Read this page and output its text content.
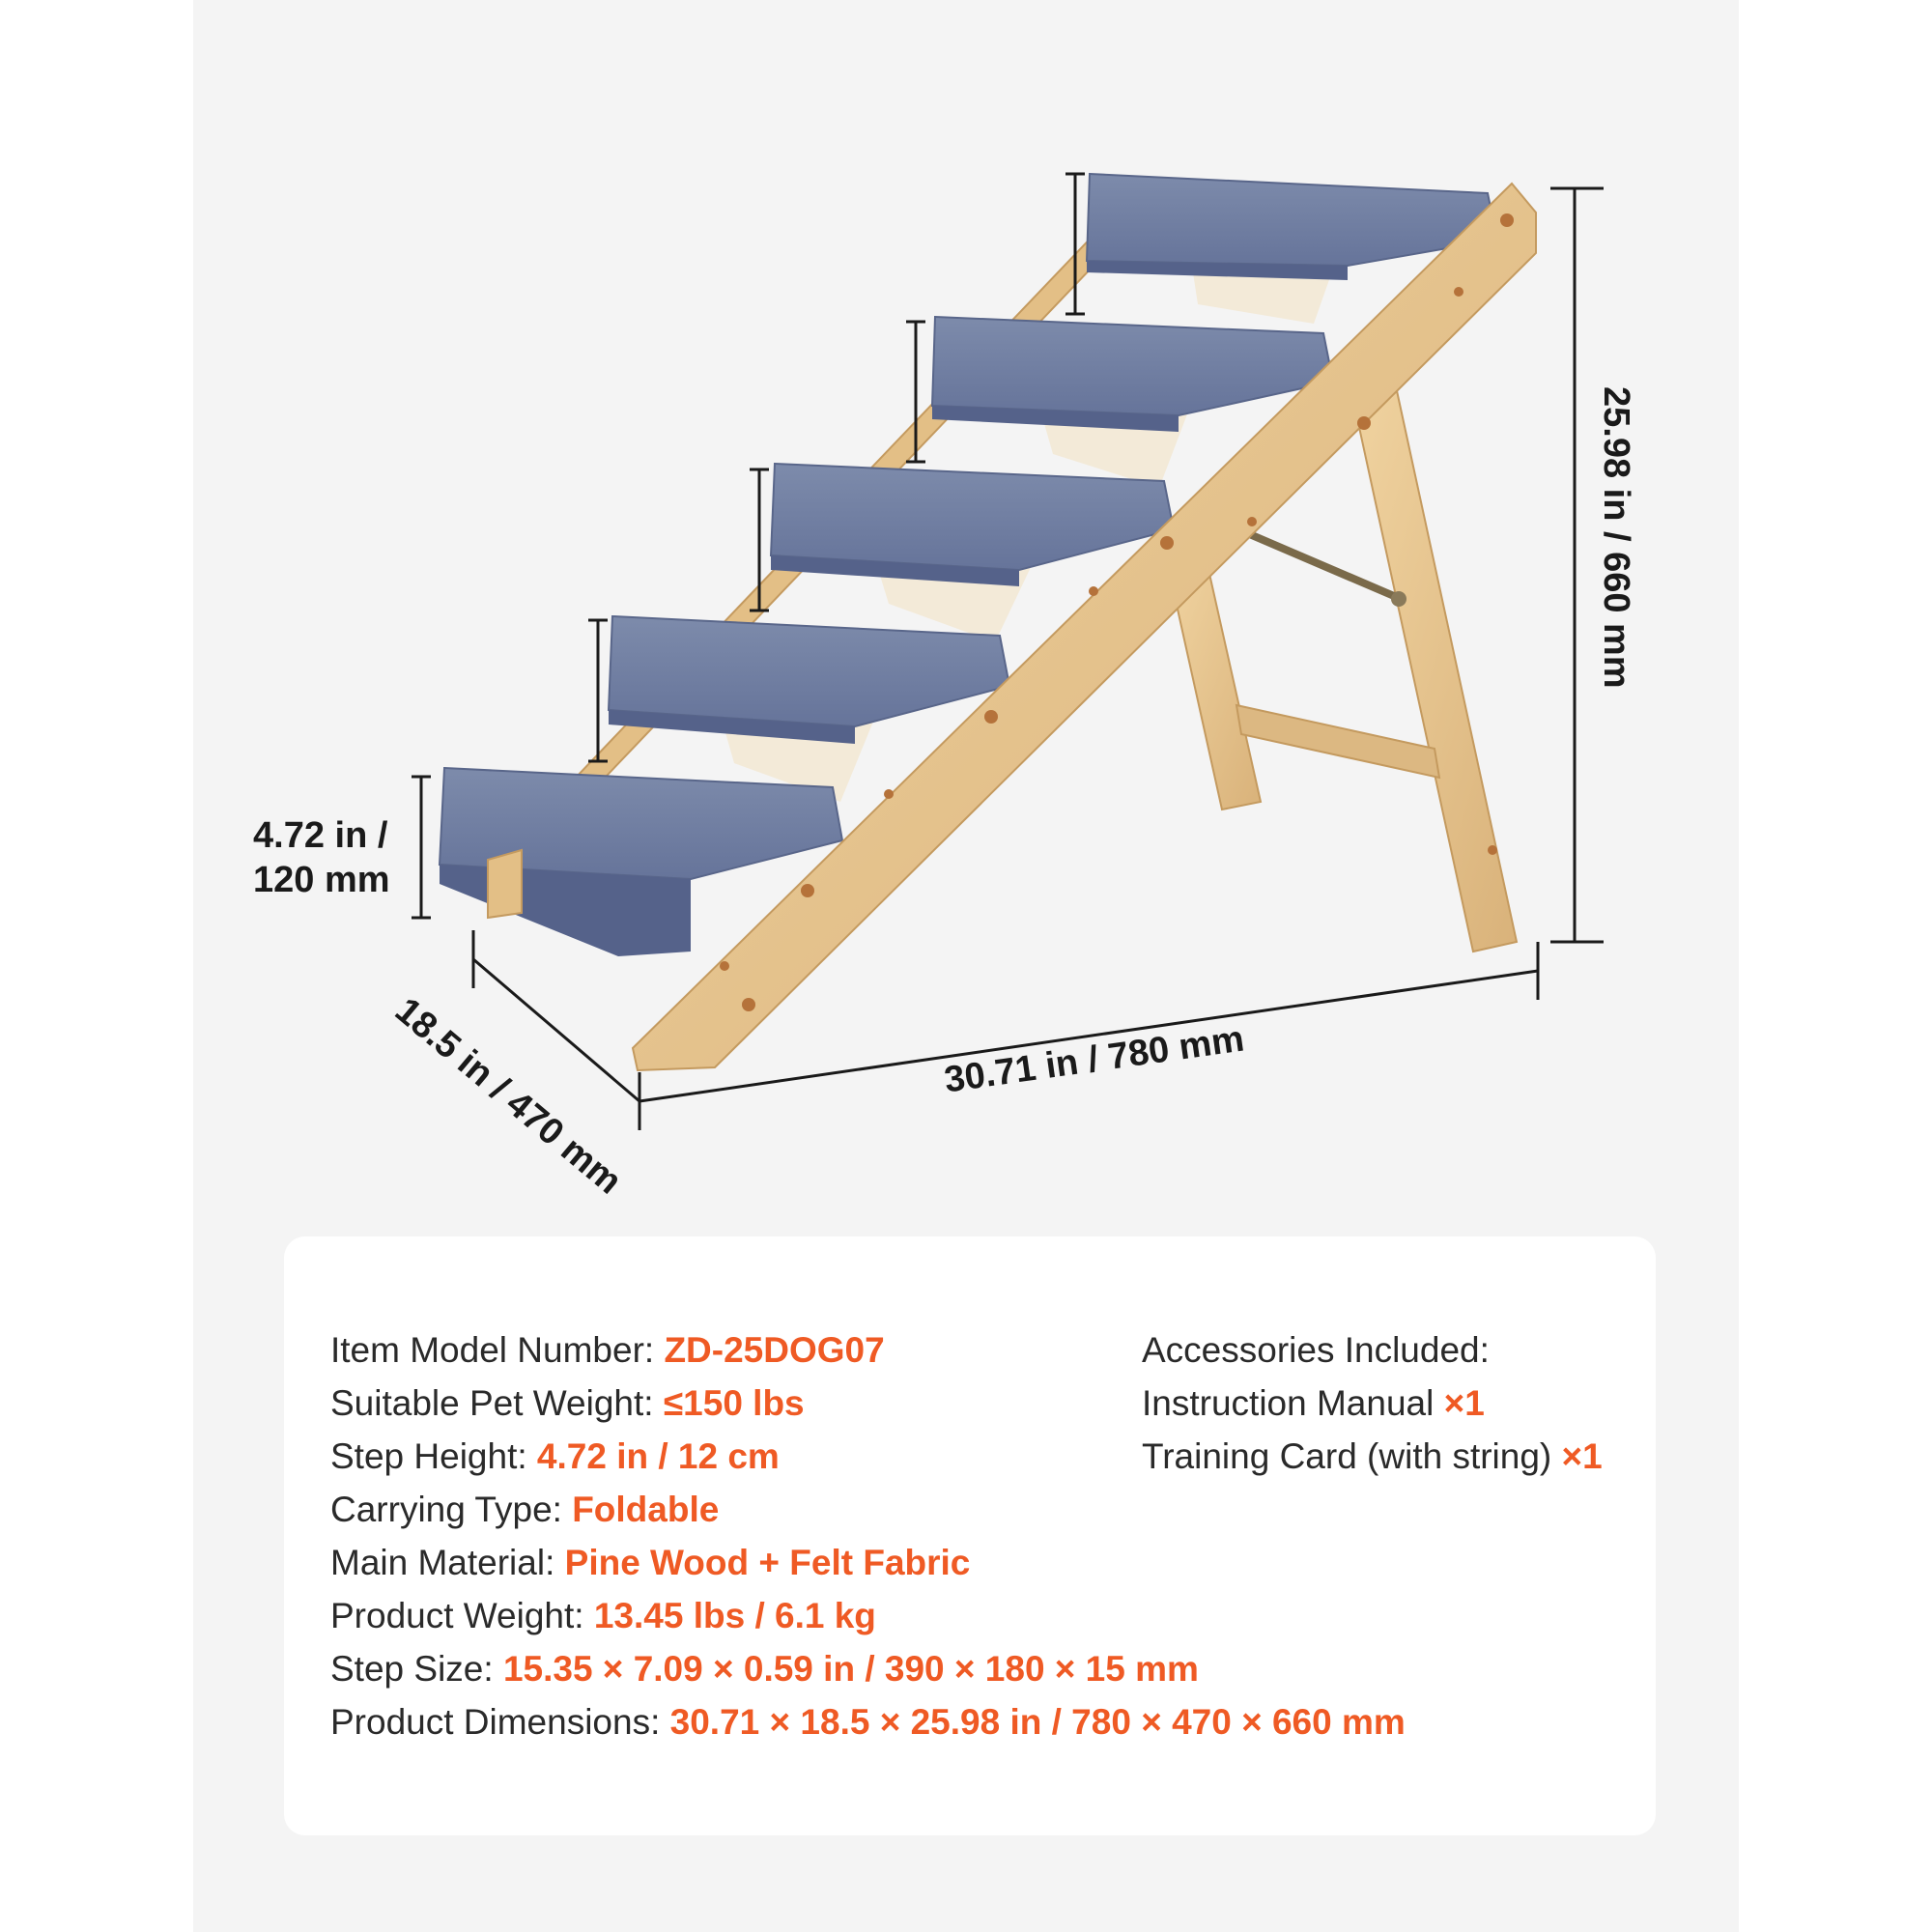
4.72 in /
120 mm
30.71 in / 780 mm
18.5 in / 470 mm
25.98 in / 660 mm
Item Model Number: ZD-25DOG07
Suitable Pet Weight: ≤150 lbs
Step Height: 4.72 in / 12 cm
Carrying Type: Foldable
Main Material: Pine Wood + Felt Fabric
Product Weight: 13.45 lbs / 6.1 kg
Step Size: 15.35 × 7.09 × 0.59 in / 390 × 180 × 15 mm
Product Dimensions: 30.71 × 18.5 × 25.98 in / 780 × 470 × 660 mm
Accessories Included:
Instruction Manual ×1
Training Card (with string) ×1
